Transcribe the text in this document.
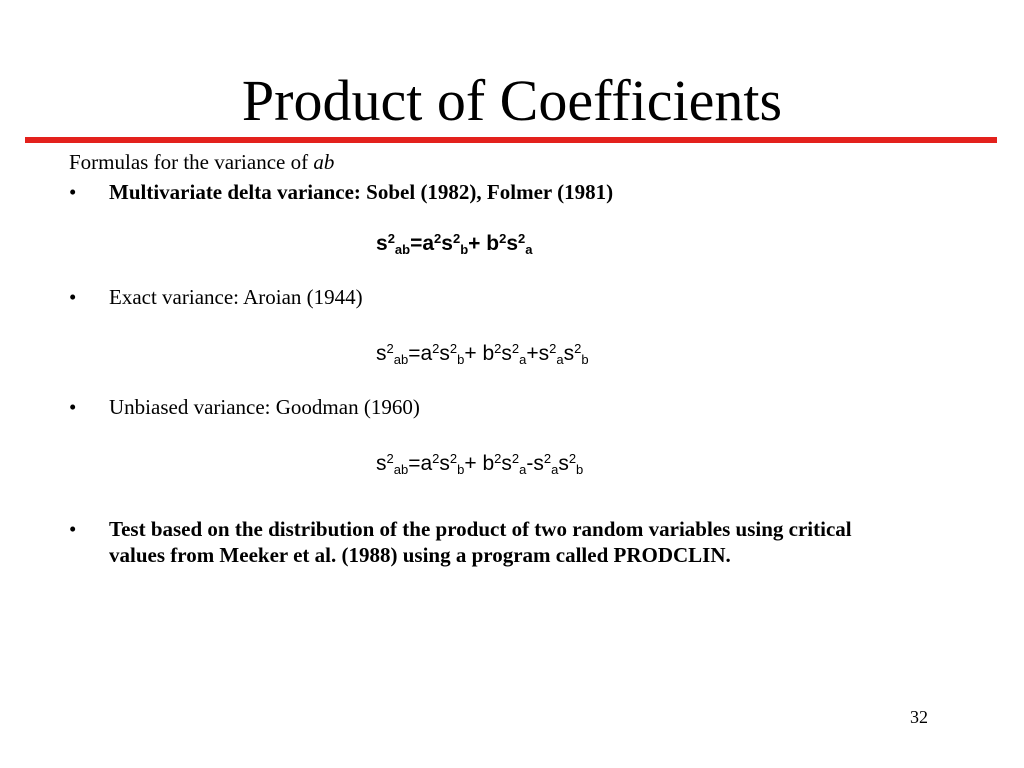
Product of Coefficients
Formulas for the variance of ab
• Multivariate delta variance: Sobel (1982), Folmer (1981)
$s^2_{ab}=a^2s^2_b+ b^2s^2_a$
• Exact variance: Aroian (1944)
$s^2_{ab}=a^2s^2_b+ b^2s^2_a+s^2_as^2_b$
• Unbiased variance: Goodman (1960)
$s^2_{ab}=a^2s^2_b+ b^2s^2_a-s^2_as^2_b$
• Test based on the distribution of the product of two random variables using critical values from Meeker et al. (1988) using a program called PRODCLIN.
32
